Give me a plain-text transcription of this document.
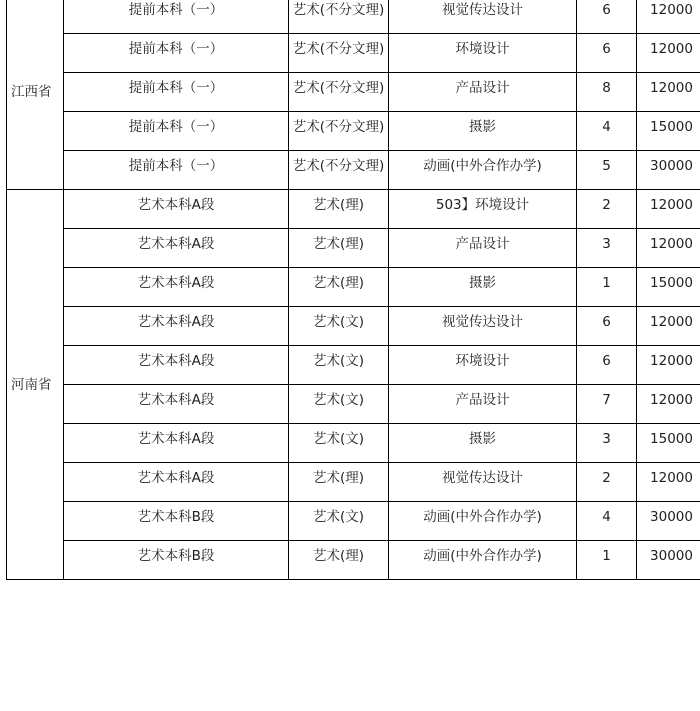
江西省	提前本科（一）	艺术(不分文理)	视觉传达设计	6	12000	
	提前本科（一）	艺术(不分文理)	环境设计	6	12000	
	提前本科（一）	艺术(不分文理)	产品设计	8	12000	
	提前本科（一）	艺术(不分文理)	摄影	4	15000	
	提前本科（一）	艺术(不分文理)	动画(中外合作办学)	5	30000	
河南省	艺术本科A段	艺术(理)	503】环境设计	2	12000	
	艺术本科A段	艺术(理)	产品设计	3	12000	
	艺术本科A段	艺术(理)	摄影	1	15000	
	艺术本科A段	艺术(文)	视觉传达设计	6	12000	
	艺术本科A段	艺术(文)	环境设计	6	12000	
	艺术本科A段	艺术(文)	产品设计	7	12000	
	艺术本科A段	艺术(文)	摄影	3	15000	
	艺术本科A段	艺术(理)	视觉传达设计	2	12000	
	艺术本科B段	艺术(文)	动画(中外合作办学)	4	30000	
	艺术本科B段	艺术(理)	动画(中外合作办学)	1	30000	
